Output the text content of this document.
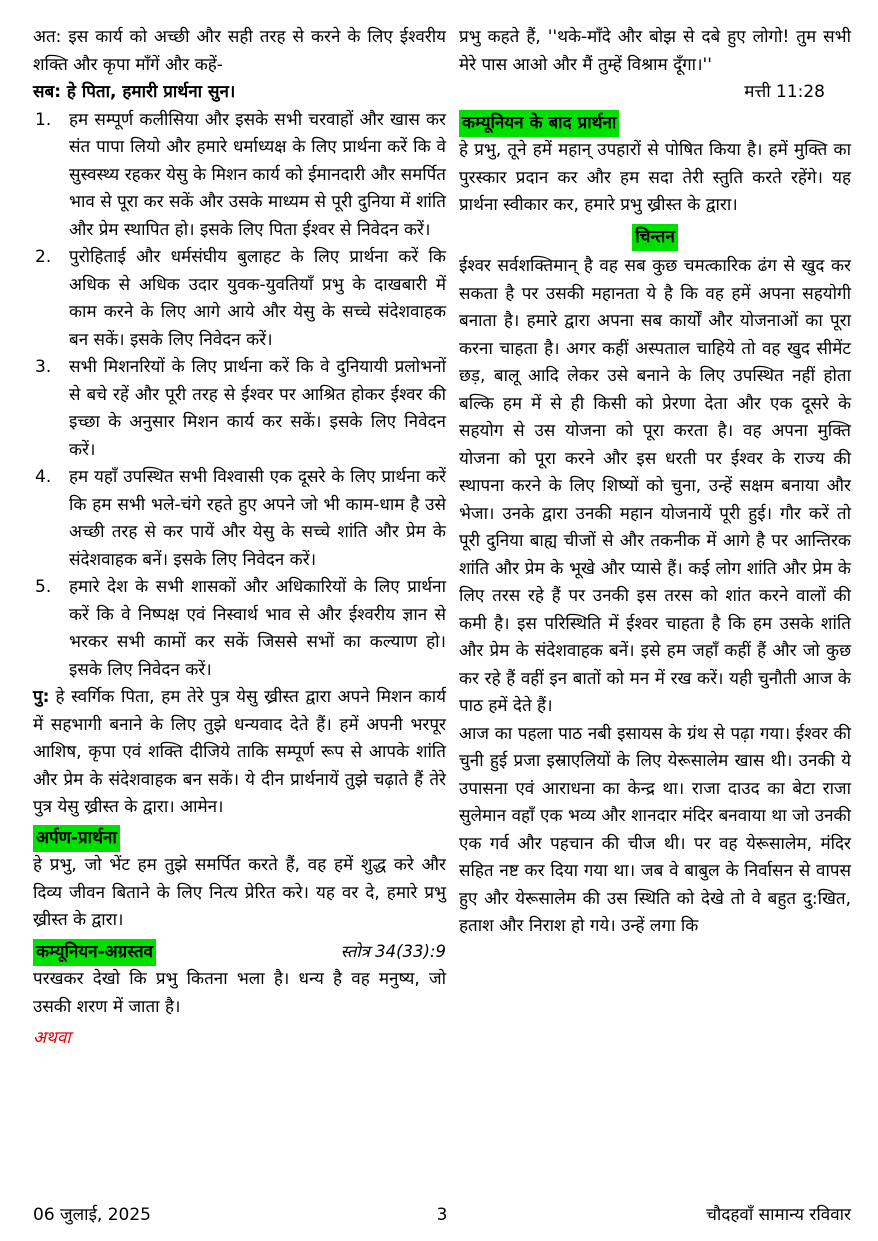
अत: इस कार्य को अच्छी और सही तरह से करने के लिए ईश्वरीय शक्ति और कृपा माँगें और कहें-

सब: हे पिता, हमारी प्रार्थना सुन।

हम सम्पूर्ण कलीसिया और इसके सभी चरवाहों और खास कर संत पापा लियो और हमारे धर्माध्यक्ष के लिए प्रार्थना करें कि वे सुस्वस्थ्य रहकर येसु के मिशन कार्य को ईमानदारी और समर्पित भाव से पूरा कर सकें और उसके माध्यम से पूरी दुनिया में शांति और प्रेम स्थापित हो। इसके लिए पिता ईश्वर से निवेदन करें।
पुरोहिताई और धर्मसंघीय बुलाहट के लिए प्रार्थना करें कि अधिक से अधिक उदार युवक-युवतियाँ प्रभु के दाखबारी में काम करने के लिए आगे आये और येसु के सच्चे संदेशवाहक बन सकें। इसके लिए निवेदन करें।
सभी मिशनरियों के लिए प्रार्थना करें कि वे दुनियायी प्रलोभनों से बचे रहें और पूरी तरह से ईश्वर पर आश्रित होकर ईश्वर की इच्छा के अनुसार मिशन कार्य कर सकें। इसके लिए निवेदन करें।
हम यहाँ उपस्थित सभी विश्वासी एक दूसरे के लिए प्रार्थना करें कि हम सभी भले-चंगे रहते हुए अपने जो भी काम-धाम है उसे अच्छी तरह से कर पायें और येसु के सच्चे शांति और प्रेम के संदेशवाहक बनें। इसके लिए निवेदन करें।
हमारे देश के सभी शासकों और अधिकारियों के लिए प्रार्थना करें कि वे निष्पक्ष एवं निस्वार्थ भाव से और ईश्वरीय ज्ञान से भरकर सभी कामों कर सकें जिससे सभों का कल्याण हो। इसके लिए निवेदन करें।

पु: हे स्वर्गिक पिता, हम तेरे पुत्र येसु ख्रीस्त द्वारा अपने मिशन कार्य में सहभागी बनाने के लिए तुझे धन्यवाद देते हैं। हमें अपनी भरपूर आशिष, कृपा एवं शक्ति दीजिये ताकि सम्पूर्ण रूप से आपके शांति और प्रेम के संदेशवाहक बन सकें। ये दीन प्रार्थनायें तुझे चढ़ाते हैं तेरे पुत्र येसु ख्रीस्त के द्वारा। आमेन।

अर्पण-प्रार्थना

हे प्रभु, जो भेंट हम तुझे समर्पित करते हैं, वह हमें शुद्ध करे और दिव्य जीवन बिताने के लिए नित्य प्रेरित करे। यह वर दे, हमारे प्रभु ख्रीस्त के द्वारा।

कम्यूनियन-अग्रस्तव	स्तोत्र 34(33):9

परखकर देखो कि प्रभु कितना भला है। धन्य है वह मनुष्य, जो उसकी शरण में जाता है।

अथवा

प्रभु कहते हैं, ''थके-माँदे और बोझ से दबे हुए लोगो! तुम सभी मेरे पास आओ और मैं तुम्हें विश्राम दूँगा।''

मत्ती 11:28

कम्यूनियन के बाद प्रार्थना

हे प्रभु, तूने हमें महान् उपहारों से पोषित किया है। हमें मुक्ति का पुरस्कार प्रदान कर और हम सदा तेरी स्तुति करते रहेंगे। यह प्रार्थना स्वीकार कर, हमारे प्रभु ख्रीस्त के द्वारा।

चिन्तन

ईश्वर सर्वशक्तिमान् है वह सब कुछ चमत्कारिक ढंग से खुद कर सकता है पर उसकी महानता ये है कि वह हमें अपना सहयोगी बनाता है। हमारे द्वारा अपना सब कार्यों और योजनाओं का पूरा करना चाहता है। अगर कहीं अस्पताल चाहिये तो वह खुद सीमेंट छड़, बालू आदि लेकर उसे बनाने के लिए उपस्थित नहीं होता बल्कि हम में से ही किसी को प्रेरणा देता और एक दूसरे के सहयोग से उस योजना को पूरा करता है। वह अपना मुक्ति योजना को पूरा करने और इस धरती पर ईश्वर के राज्य की स्थापना करने के लिए शिष्यों को चुना, उन्हें सक्षम बनाया और भेजा। उनके द्वारा उनकी महान योजनायें पूरी हुई। गौर करें तो पूरी दुनिया बाह्य चीजों से और तकनीक में आगे है पर आन्तिरक शांति और प्रेम के भूखे और प्यासे हैं। कई लोग शांति और प्रेम के लिए तरस रहे हैं पर उनकी इस तरस को शांत करने वालों की कमी है। इस परिस्थिति में ईश्वर चाहता है कि हम उसके शांति और प्रेम के संदेशवाहक बनें। इसे हम जहाँ कहीं हैं और जो कुछ कर रहे हैं वहीं इन बातों को मन में रख करें। यही चुनौती आज के पाठ हमें देते हैं।

आज का पहला पाठ नबी इसायस के ग्रंथ से पढ़ा गया। ईश्वर की चुनी हुई प्रजा इस्राएलियों के लिए येरूसालेम खास थी। उनकी ये उपासना एवं आराधना का केन्द्र था। राजा दाउद का बेटा राजा सुलेमान वहाँ एक भव्य और शानदार मंदिर बनवाया था जो उनकी एक गर्व और पहचान की चीज थी। पर वह येरूसालेम, मंदिर सहित नष्ट कर दिया गया था। जब वे बाबुल के निर्वासन से वापस हुए और येरूसालेम की उस स्थिति को देखे तो वे बहुत दु:खित, हताश और निराश हो गये। उन्हें लगा कि

06 जुलाई, 2025	3	चौदहवाँ सामान्य रविवार
